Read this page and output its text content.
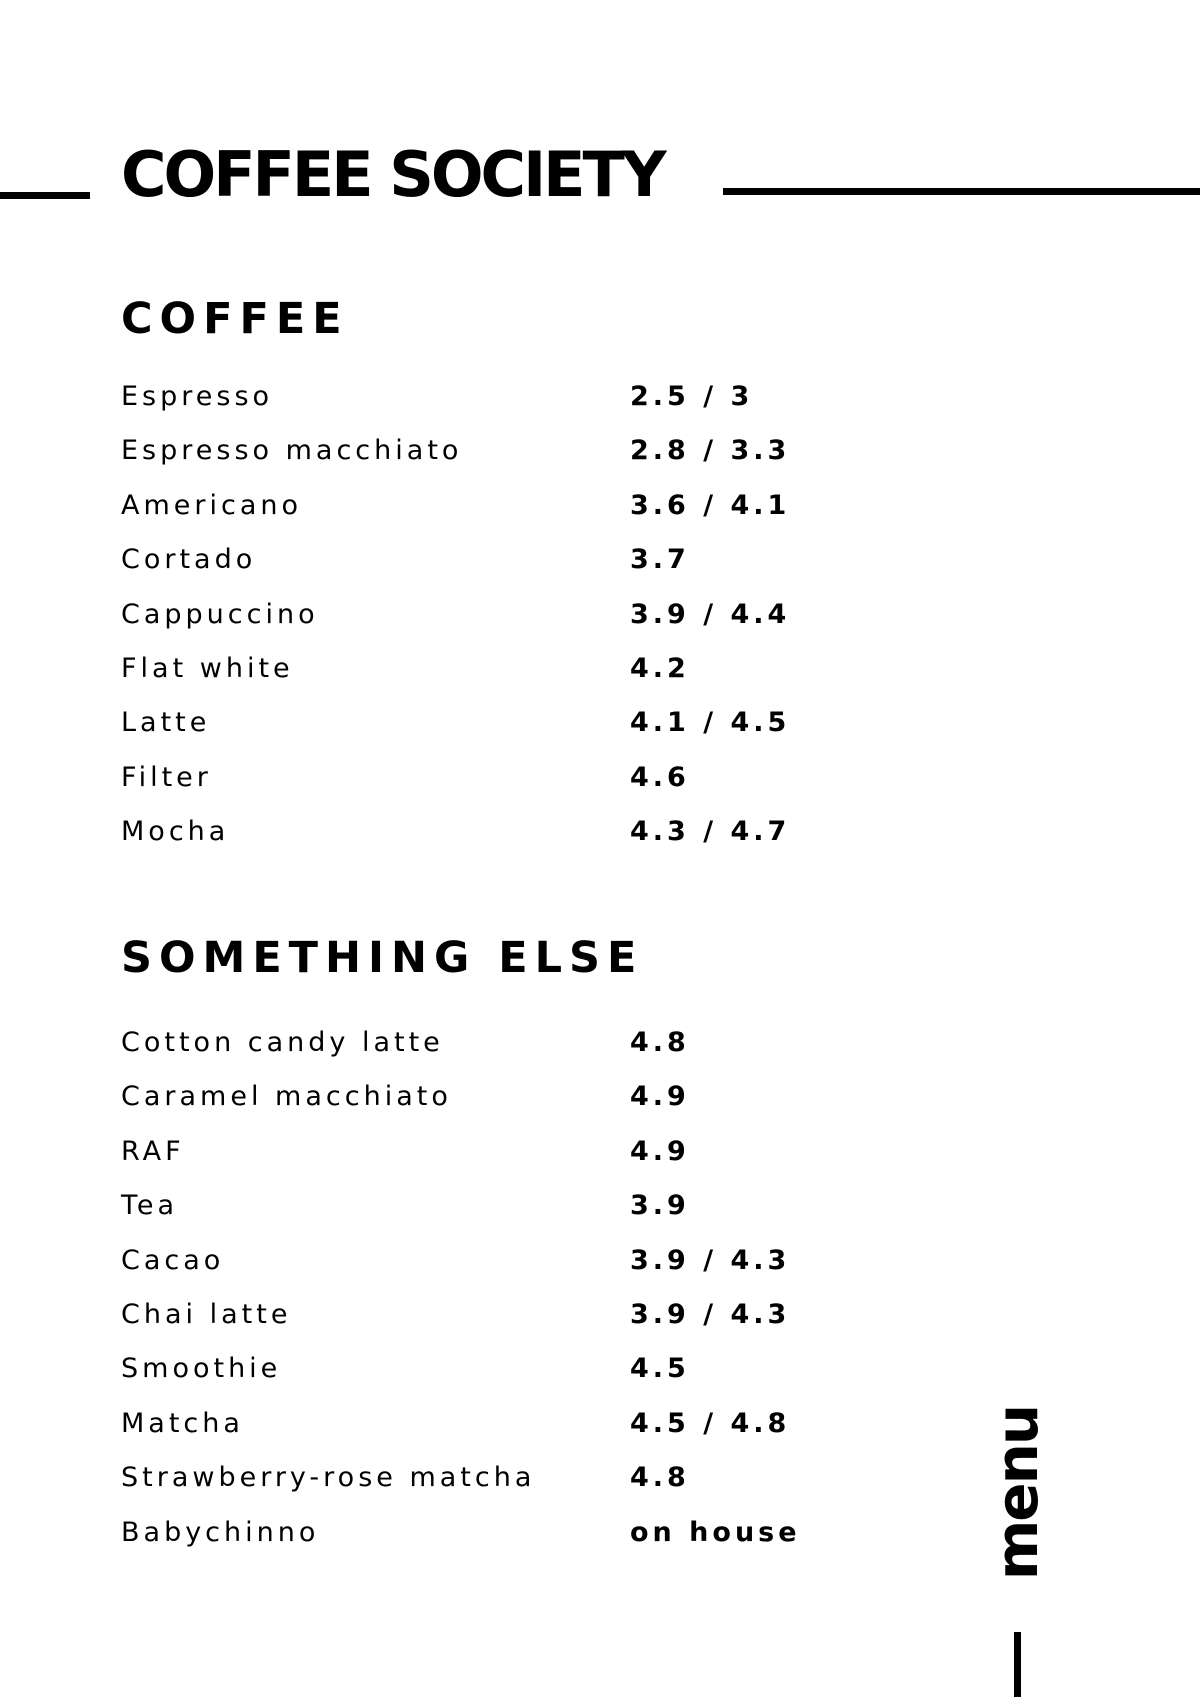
COFFEE SOCIETY
COFFEE
Espresso	2.5 / 3
Espresso macchiato	2.8 / 3.3
Americano	3.6 / 4.1
Cortado	3.7
Cappuccino	3.9 / 4.4
Flat white	4.2
Latte	4.1 / 4.5
Filter	4.6
Mocha	4.3 / 4.7
SOMETHING ELSE
Cotton candy latte	4.8
Caramel macchiato	4.9
RAF	4.9
Tea	3.9
Cacao	3.9 / 4.3
Chai latte	3.9 / 4.3
Smoothie	4.5
Matcha	4.5 / 4.8
Strawberry-rose matcha	4.8
Babychinno	on house	menu
